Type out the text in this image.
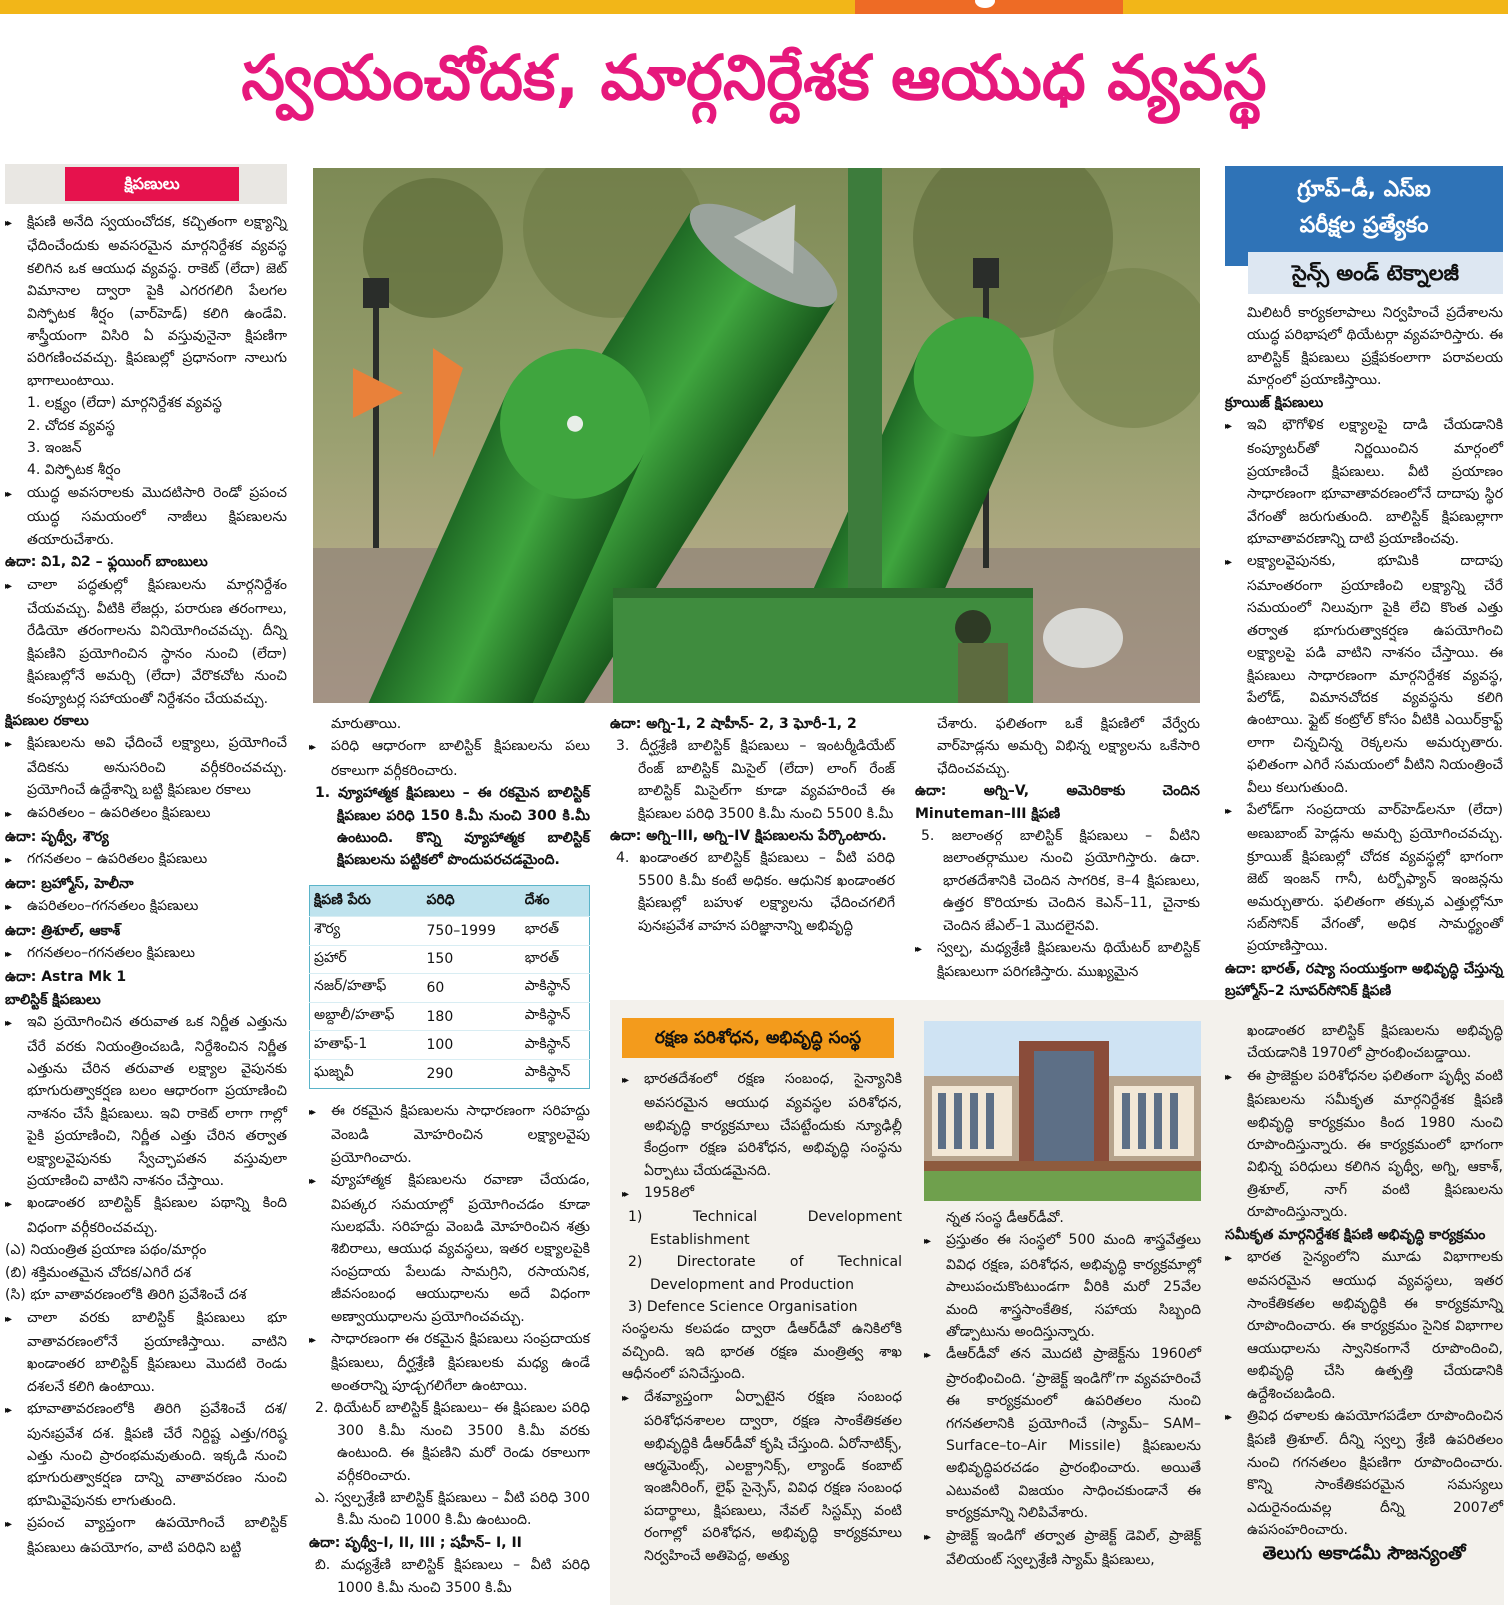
స్వయంచోదక, మార్గనిర్దేశక ఆయుధ వ్యవస్థ
క్షిపణులు

▸▸ క్షిపణి అనేది స్వయంచోదక, కచ్చితంగా లక్ష్యాన్ని ఛేదించేందుకు అవసరమైన మార్గనిర్దేశక వ్యవస్థ కలిగిన ఒక ఆయుధ వ్యవస్థ. రాకెట్ (లేదా) జెట్ విమానాల ద్వారా పైకి ఎగరగలిగి పేలగల విస్ఫోటక శీర్షం (వార్‌హెడ్) కలిగి ఉండేవి. శాస్త్రీయంగా విసిరి ఏ వస్తువునైనా క్షిపణిగా పరిగణించవచ్చు. క్షిపణుల్లో ప్రధానంగా నాలుగు భాగాలుంటాయి.

1. లక్ష్యం (లేదా) మార్గనిర్దేశక వ్యవస్థ

2. చోదక వ్యవస్థ

3. ఇంజన్

4. విస్ఫోటక శీర్షం

▸▸ యుద్ధ అవసరాలకు మొదటిసారి రెండో ప్రపంచ యుద్ధ సమయంలో నాజీలు క్షిపణులను తయారుచేశారు.

ఉదా: వి1, వి2 – ఫ్లయింగ్ బాంబులు

▸▸ చాలా పద్ధతుల్లో క్షిపణులను మార్గనిర్దేశం చేయవచ్చు. వీటికి లేజర్లు, పరారుణ తరంగాలు, రేడియో తరంగాలను వినియోగించవచ్చు. దీన్ని క్షిపణిని ప్రయోగించిన స్థానం నుంచి (లేదా) క్షిపణుల్లోనే అమర్చి (లేదా) వేరొకచోట నుంచి కంప్యూటర్ల సహాయంతో నిర్దేశనం చేయవచ్చు.

క్షిపణుల రకాలు

▸▸ క్షిపణులను అవి ఛేదించే లక్ష్యాలు, ప్రయోగించే వేదికను అనుసరించి వర్గీకరించవచ్చు. ప్రయోగించే ఉద్దేశాన్ని బట్టి క్షిపణుల రకాలు

▸▸ ఉపరితలం – ఉపరితలం క్షిపణులు

ఉదా: పృథ్వీ, శౌర్య

▸▸ గగనతలం – ఉపరితలం క్షిపణులు

ఉదా: బ్రహ్మోస్, హెలీనా

▸▸ ఉపరితలం–గగనతలం క్షిపణులు

ఉదా: త్రిశూల్, ఆకాశ్

▸▸ గగనతలం–గగనతలం క్షిపణులు

ఉదా: Astra Mk 1

బాలిస్టిక్ క్షిపణులు

▸▸ ఇవి ప్రయోగించిన తరువాత ఒక నిర్ణీత ఎత్తును చేరే వరకు నియంత్రించబడి, నిర్దేశించిన నిర్ణీత ఎత్తును చేరిన తరువాత లక్ష్యాల వైపునకు భూగురుత్వాకర్షణ బలం ఆధారంగా ప్రయాణించి నాశనం చేసే క్షిపణులు. ఇవి రాకెట్ లాగా గాల్లో పైకి ప్రయాణించి, నిర్ణీత ఎత్తు చేరిన తర్వాత లక్ష్యాలవైపునకు స్వేచ్ఛాపతన వస్తువులా ప్రయాణించి వాటిని నాశనం చేస్తాయి.

▸▸ ఖండాంతర బాలిస్టిక్ క్షిపణుల పథాన్ని కింది విధంగా వర్గీకరించవచ్చు.

(ఎ) నియంత్రిత ప్రయాణ పథం/మార్గం

(బి) శక్తిమంతమైన చోదక/ఎగిరే దశ

(సి) భూ వాతావరణంలోకి తిరిగి ప్రవేశించే దశ

▸▸ చాలా వరకు బాలిస్టిక్ క్షిపణులు భూ వాతావరణంలోనే ప్రయాణిస్తాయి. వాటిని ఖండాంతర బాలిస్టిక్ క్షిపణులు మొదటి రెండు దశలనే కలిగి ఉంటాయి.

▸▸ భూవాతావరణంలోకి తిరిగి ప్రవేశించే దశ/పునఃప్రవేశ దశ. క్షిపణి చేరే నిర్దిష్ట ఎత్తు/గరిష్ఠ ఎత్తు నుంచి ప్రారంభమవుతుంది. ఇక్కడి నుంచి భూగురుత్వాకర్షణ దాన్ని వాతావరణం నుంచి భూమివైపునకు లాగుతుంది.

▸▸ ప్రపంచ వ్యాప్తంగా ఉపయోగించే బాలిస్టిక్ క్షిపణులు ఉపయోగం, వాటి పరిధిని బట్టి

మారుతాయి.

▸▸ పరిధి ఆధారంగా బాలిస్టిక్ క్షిపణులను పలు రకాలుగా వర్గీకరించారు.

1. వ్యూహాత్మక క్షిపణులు – ఈ రకమైన బాలిస్టిక్ క్షిపణుల పరిధి 150 కి.మీ నుంచి 300 కి.మీ ఉంటుంది. కొన్ని వ్యూహాత్మక బాలిస్టిక్ క్షిపణులను పట్టికలో పొందుపరచడమైంది.

క్షిపణి పేరు	పరిధి	దేశం
శౌర్య	750–1999	భారత్
ప్రహార్	150	భారత్
నజర్/హతాఫ్	60	పాకిస్థాన్
అబ్దాలీ/హతాఫ్	180	పాకిస్థాన్
హతాఫ్-1	100	పాకిస్థాన్
ఘజ్నవీ	290	పాకిస్థాన్

▸▸ ఈ రకమైన క్షిపణులను సాధారణంగా సరిహద్దు వెంబడి మోహరించిన లక్ష్యాలవైపు ప్రయోగించారు.

▸▸ వ్యూహాత్మక క్షిపణులను రవాణా చేయడం, విపత్కర సమయాల్లో ప్రయోగించడం కూడా సులభమే. సరిహద్దు వెంబడి మోహరించిన శత్రు శిబిరాలు, ఆయుధ వ్యవస్థలు, ఇతర లక్ష్యాలపైకి సంప్రదాయ పేలుడు సామగ్రిని, రసాయనిక, జీవసంబంధ ఆయుధాలను అదే విధంగా అణ్వాయుధాలను ప్రయోగించవచ్చు.

▸▸ సాధారణంగా ఈ రకమైన క్షిపణులు సంప్రదాయక క్షిపణులు, దీర్ఘశ్రేణి క్షిపణులకు మధ్య ఉండే అంతరాన్ని పూడ్చగలిగేలా ఉంటాయి.

2. థియేటర్ బాలిస్టిక్ క్షిపణులు– ఈ క్షిపణుల పరిధి 300 కి.మీ నుంచి 3500 కి.మీ వరకు ఉంటుంది. ఈ క్షిపణిని మరో రెండు రకాలుగా వర్గీకరించారు.

ఎ. స్వల్పశ్రేణి బాలిస్టిక్ క్షిపణులు – వీటి పరిధి 300 కి.మీ నుంచి 1000 కి.మీ ఉంటుంది.

ఉదా: పృథ్వీ–I, II, III ; షహీన్– I, II

బి. మధ్యశ్రేణి బాలిస్టిక్ క్షిపణులు – వీటి పరిధి 1000 కి.మీ నుంచి 3500 కి.మీ

ఉదా: అగ్ని-1, 2 షాహీన్- 2, 3 ఘోరీ-1, 2

3. దీర్ఘశ్రేణి బాలిస్టిక్ క్షిపణులు – ఇంటర్మీడియేట్ రేంజ్ బాలిస్టిక్ మిసైల్ (లేదా) లాంగ్ రేంజ్ బాలిస్టిక్ మిసైల్‌గా కూడా వ్యవహరించే ఈ క్షిపణుల పరిధి 3500 కి.మీ నుంచి 5500 కి.మీ

ఉదా: అగ్ని–III, అగ్ని–IV క్షిపణులను పేర్కొంటారు.

4. ఖండాంతర బాలిస్టిక్ క్షిపణులు – వీటి పరిధి 5500 కి.మీ కంటే అధికం. ఆధునిక ఖండాంతర క్షిపణుల్లో బహుళ లక్ష్యాలను ఛేదించగలిగే పునఃప్రవేశ వాహన పరిజ్ఞానాన్ని అభివృద్ధి

చేశారు. ఫలితంగా ఒకే క్షిపణిలో వేర్వేరు వార్‌హెడ్లను అమర్చి విభిన్న లక్ష్యాలను ఒకేసారి ఛేదించవచ్చు.

ఉదా: అగ్ని–V, అమెరికాకు చెందిన Minuteman–III క్షిపణి

5. జలాంతర్గ బాలిస్టిక్ క్షిపణులు – వీటిని జలాంతర్గాముల నుంచి ప్రయోగిస్తారు. ఉదా. భారతదేశానికి చెందిన సాగరిక, కె–4 క్షిపణులు, ఉత్తర కొరియాకు చెందిన కెఎన్–11, చైనాకు చెందిన జేఎల్–1 మొదలైనవి.

▸▸ స్వల్ప, మధ్యశ్రేణి క్షిపణులను థియేటర్ బాలిస్టిక్ క్షిపణులుగా పరిగణిస్తారు. ముఖ్యమైన

గ్రూప్–డీ, ఎస్ఐ
పరీక్షల ప్రత్యేకం
సైన్స్ అండ్ టెక్నాలజీ

మిలిటరీ కార్యకలాపాలు నిర్వహించే ప్రదేశాలను యుద్ధ పరిభాషలో థియేటర్గా వ్యవహరిస్తారు. ఈ బాలిస్టిక్ క్షిపణులు ప్రక్షేపకంలాగా పరావలయ మార్గంలో ప్రయాణిస్తాయి.

క్రూయిజ్ క్షిపణులు

▸▸ ఇవి భౌగోళిక లక్ష్యాలపై దాడి చేయడానికి కంప్యూటర్‌తో నిర్ణయించిన మార్గంలో ప్రయాణించే క్షిపణులు. వీటి ప్రయాణం సాధారణంగా భూవాతావరణంలోనే దాదాపు స్థిర వేగంతో జరుగుతుంది. బాలిస్టిక్ క్షిపణుల్లాగా భూవాతావరణాన్ని దాటి ప్రయాణించవు.

▸▸ లక్ష్యాలవైపునకు, భూమికి దాదాపు సమాంతరంగా ప్రయాణించి లక్ష్యాన్ని చేరే సమయంలో నిలువుగా పైకి లేచి కొంత ఎత్తు తర్వాత భూగురుత్వాకర్షణ ఉపయోగించి లక్ష్యాలపై పడి వాటిని నాశనం చేస్తాయి. ఈ క్షిపణులు సాధారణంగా మార్గనిర్దేశక వ్యవస్థ, పేలోడ్, విమానచోదక వ్యవస్థను కలిగి ఉంటాయి. ఫ్లైట్ కంట్రోల్ కోసం వీటికి ఎయిర్‌క్రాఫ్ట్ లాగా చిన్నచిన్న రెక్కలను అమర్చుతారు. ఫలితంగా ఎగిరే సమయంలో వీటిని నియంత్రించే వీలు కలుగుతుంది.

▸▸ పేలోడ్‌గా సంప్రదాయ వార్‌హెడ్‌లనూ (లేదా) అణుబాంబ్ హెడ్లను అమర్చి ప్రయోగించవచ్చు. క్రూయిజ్ క్షిపణుల్లో చోదక వ్యవస్థల్లో భాగంగా జెట్ ఇంజన్ గానీ, టర్బోఫ్యాన్ ఇంజన్లను అమర్చుతారు. ఫలితంగా తక్కువ ఎత్తుల్లోనూ సబ్‌సోనిక్ వేగంతో, అధిక సామర్థ్యంతో ప్రయాణిస్తాయి.

ఉదా: భారత్, రష్యా సంయుక్తంగా అభివృద్ధి చేస్తున్న బ్రహ్మోస్–2 సూపర్‌సోనిక్ క్షిపణి

రక్షణ పరిశోధన, అభివృద్ధి సంస్థ

▸▸ భారతదేశంలో రక్షణ సంబంధ, సైన్యానికి అవసరమైన ఆయుధ వ్యవస్థల పరిశోధన, అభివృద్ధి కార్యక్రమాలు చేపట్టేందుకు న్యూఢిల్లీ కేంద్రంగా రక్షణ పరిశోధన, అభివృద్ధి సంస్థను ఏర్పాటు చేయడమైనది.

▸▸ 1958లో

1) Technical Development Establishment

2) Directorate of Technical Development and Production

3) Defence Science Organisation

సంస్థలను కలపడం ద్వారా డీఆర్‌డీవో ఉనికిలోకి వచ్చింది. ఇది భారత రక్షణ మంత్రిత్వ శాఖ ఆధీనంలో పనిచేస్తుంది.

▸▸ దేశవ్యాప్తంగా ఏర్పాటైన రక్షణ సంబంధ పరిశోధనశాలల ద్వారా, రక్షణ సాంకేతికతల అభివృద్ధికి డీఆర్‌డీవో కృషి చేస్తుంది. ఏరోనాటిక్స్, ఆర్మమెంట్స్, ఎలక్ట్రానిక్స్, ల్యాండ్ కంబాట్ ఇంజినీరింగ్, లైఫ్ సైన్సెస్, వివిధ రక్షణ సంబంధ పదార్థాలు, క్షిపణులు, నేవల్ సిస్టమ్స్ వంటి రంగాల్లో పరిశోధన, అభివృద్ధి కార్యక్రమాలు నిర్వహించే అతిపెద్ద, అత్యు

న్నత సంస్థ డీఆర్‌డీవో.

▸▸ ప్రస్తుతం ఈ సంస్థలో 500 మంది శాస్త్రవేత్తలు వివిధ రక్షణ, పరిశోధన, అభివృద్ధి కార్యక్రమాల్లో పాలుపంచుకొంటుండగా వీరికి మరో 25వేల మంది శాస్త్రసాంకేతిక, సహాయ సిబ్బంది తోడ్పాటును అందిస్తున్నారు.

▸▸ డీఆర్‌డీవో తన మొదటి ప్రాజెక్ట్‌ను 1960లో ప్రారంభించింది. ‘ప్రాజెక్ట్ ఇండిగో’గా వ్యవహరించే ఈ కార్యక్రమంలో ఉపరితలం నుంచి గగనతలానికి ప్రయోగించే (స్యామ్– SAM– Surface–to–Air Missile) క్షిపణులను అభివృద్ధిపరచడం ప్రారంభించారు. అయితే ఎటువంటి విజయం సాధించకుండానే ఈ కార్యక్రమాన్ని నిలిపివేశారు.

▸▸ ప్రాజెక్ట్ ఇండిగో తర్వాత ప్రాజెక్ట్ డెవిల్, ప్రాజెక్ట్ వేలియంట్ స్వల్పశ్రేణి స్యామ్ క్షిపణులు,

ఖండాంతర బాలిస్టిక్ క్షిపణులను అభివృద్ధి చేయడానికి 1970లో ప్రారంభించబడ్డాయి.

▸▸ ఈ ప్రాజెక్టుల పరిశోధనల ఫలితంగా పృథ్వీ వంటి క్షిపణులను సమీకృత మార్గనిర్దేశక క్షిపణి అభివృద్ధి కార్యక్రమం కింద 1980 నుంచి రూపొందిస్తున్నారు. ఈ కార్యక్రమంలో భాగంగా విభిన్న పరిధులు కలిగిన పృథ్వీ, అగ్ని, ఆకాశ్, త్రిశూల్, నాగ్ వంటి క్షిపణులను రూపొందిస్తున్నారు.

సమీకృత మార్గనిర్దేశక క్షిపణి అభివృద్ధి కార్యక్రమం

▸▸ భారత సైన్యంలోని మూడు విభాగాలకు అవసరమైన ఆయుధ వ్యవస్థలు, ఇతర సాంకేతికతల అభివృద్ధికి ఈ కార్యక్రమాన్ని రూపొందించారు. ఈ కార్యక్రమం సైనిక విభాగాల ఆయుధాలను స్వానికంగానే రూపొందించి, అభివృద్ధి చేసి ఉత్పత్తి చేయడానికి ఉద్దేశించబడింది.

▸▸ త్రివిధ దళాలకు ఉపయోగపడేలా రూపొందించిన క్షిపణి త్రిశూల్. దీన్ని స్వల్ప శ్రేణి ఉపరితలం నుంచి గగనతలం క్షిపణిగా రూపొందించారు. కొన్ని సాంకేతికపరమైన సమస్యలు ఎదురైనందువల్ల దీన్ని 2007లో ఉపసంహరించారు.

తెలుగు అకాడమీ సౌజన్యంతో
